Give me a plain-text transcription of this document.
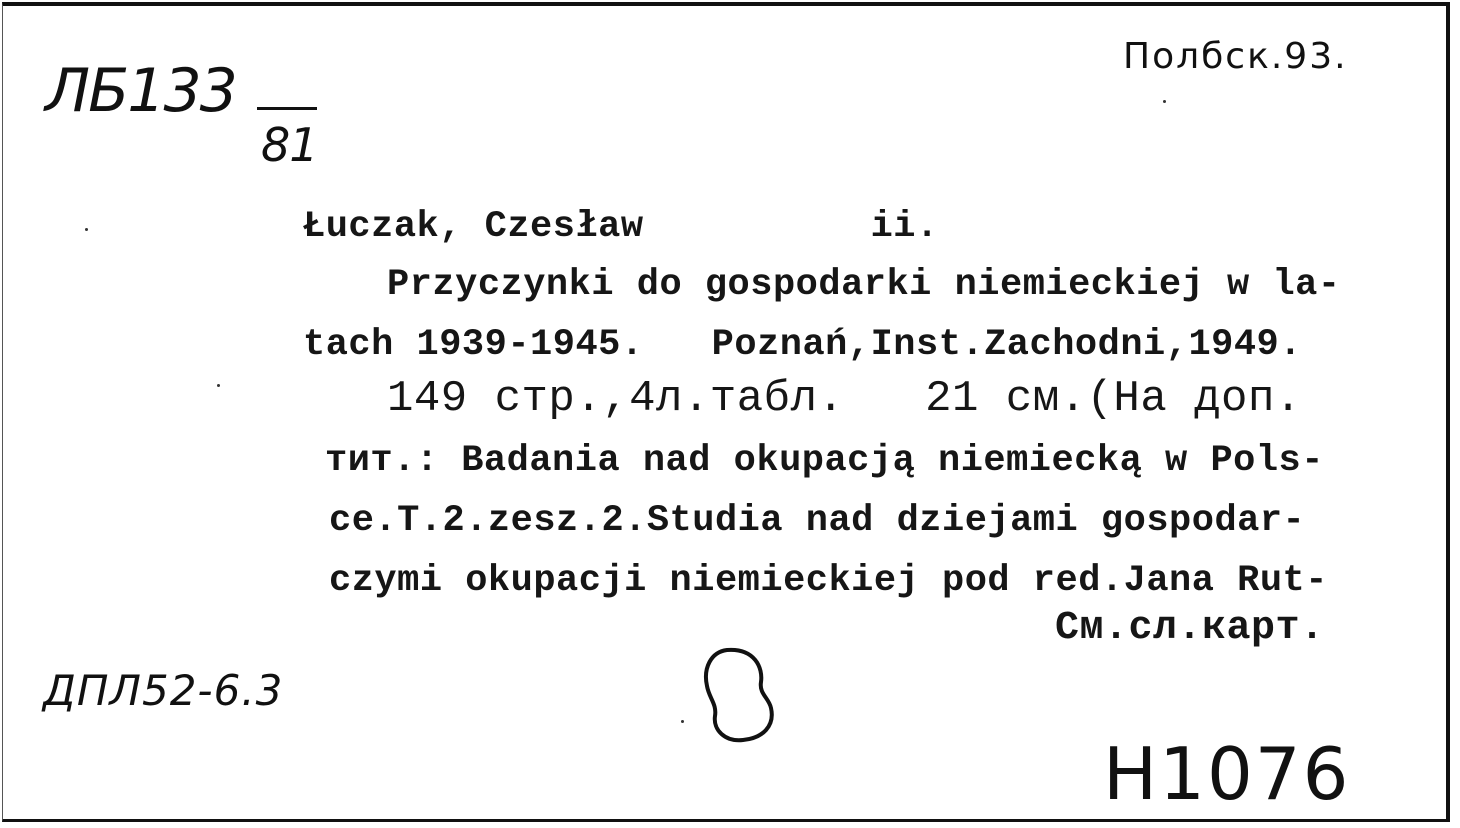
ЛБ133
81
Полбск.93.
Łuczak, Czesław          ii.
Przyczynki do gospodarki niemieckiej w la-
tach 1939-1945.   Poznań,Inst.Zachodni,1949.
149 стр.,4л.табл.   21 см.(На доп.
тит.: Badania nad okupacją niemiecką w Pols-
ce.T.2.zesz.2.Studia nad dziejami gospodar-
czymi okupacji niemieckiej pod red.Jana Rut-
См.сл.карт.
ДПЛ52-6.3
Н1076
